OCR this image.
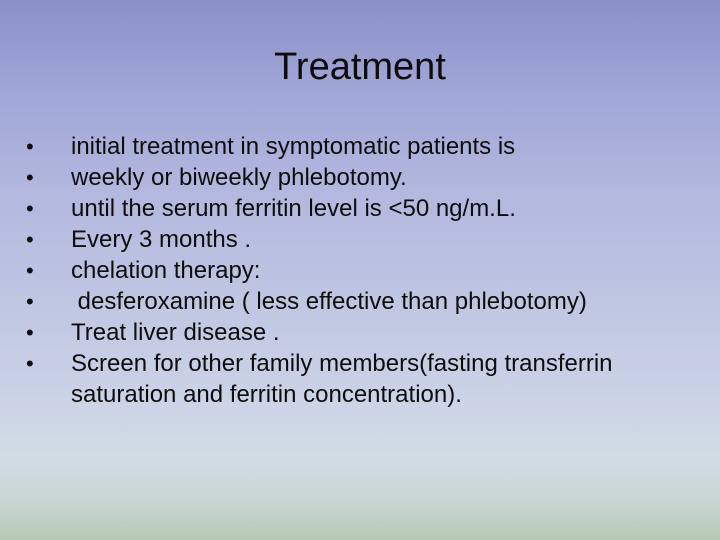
Treatment
•	initial treatment in symptomatic patients is
•	weekly or biweekly phlebotomy.
•	until the serum ferritin level is <50 ng/m.L.
•	Every 3 months .
•	chelation therapy:
•	desferoxamine ( less effective than phlebotomy)
•	Treat liver disease .
•	Screen for other family members(fasting transferrin saturation and ferritin concentration).
